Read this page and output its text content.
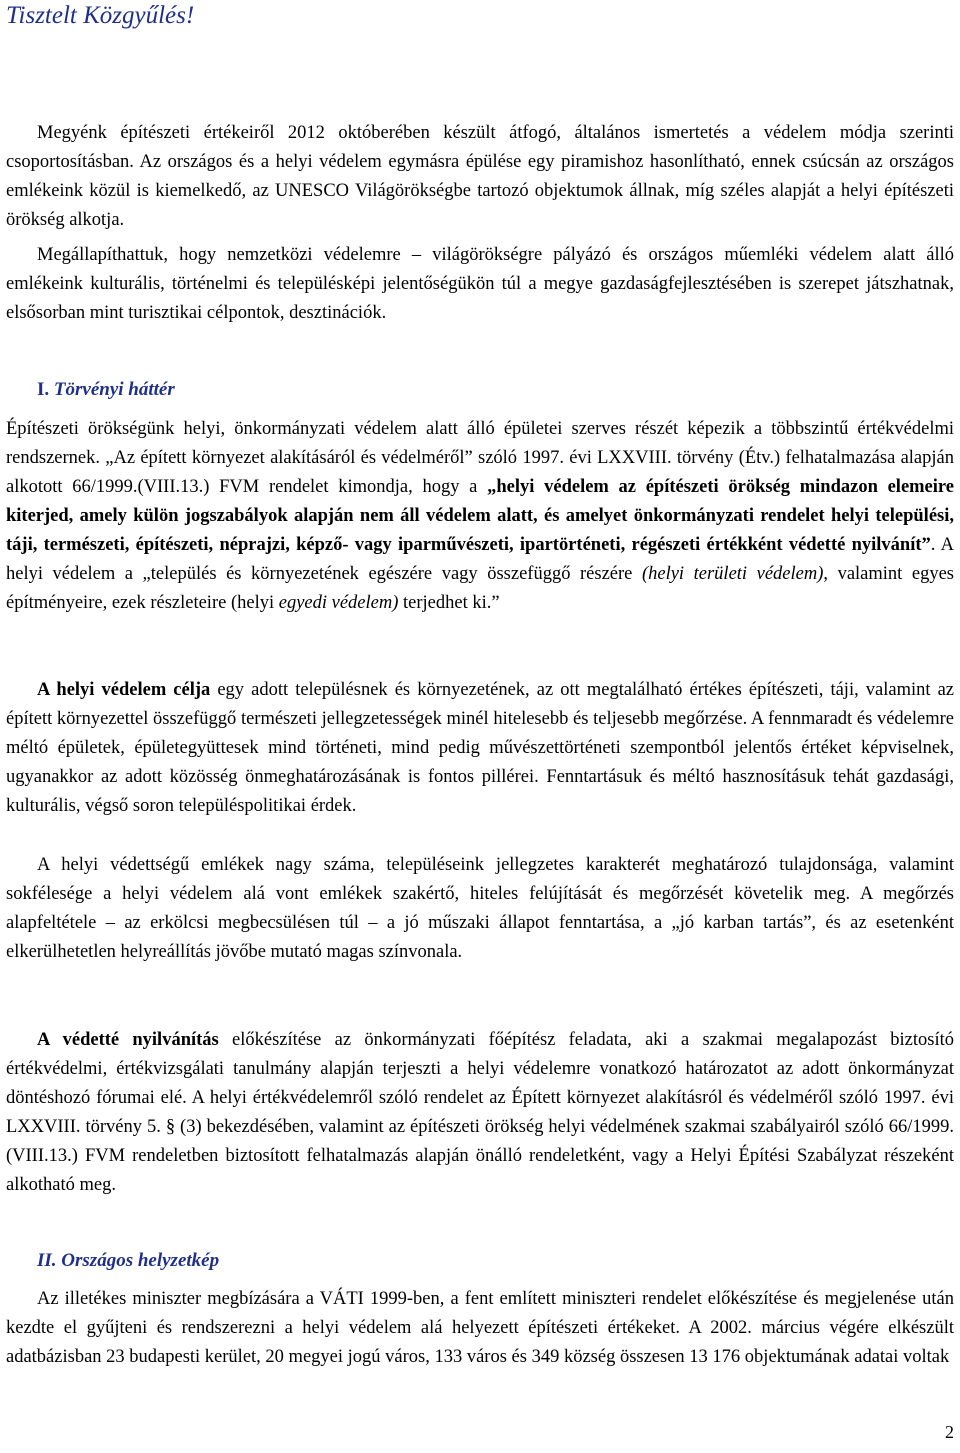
Tisztelt Közgyűlés!

Megyénk építészeti értékeiről 2012 októberében készült átfogó, általános ismertetés a védelem módja szerinti csoportosításban. Az országos és a helyi védelem egymásra épülése egy piramishoz hasonlítható, ennek csúcsán az országos emlékeink közül is kiemelkedő, az UNESCO Világörökségbe tartozó objektumok állnak, míg széles alapját a helyi építészeti örökség alkotja.

Megállapíthattuk, hogy nemzetközi védelemre – világörökségre pályázó és országos műemléki védelem alatt álló emlékeink kulturális, történelmi és településképi jelentőségükön túl a megye gazdaságfejlesztésében is szerepet játszhatnak, elsősorban mint turisztikai célpontok, desztinációk.

I. Törvényi háttér

Építészeti örökségünk helyi, önkormányzati védelem alatt álló épületei szerves részét képezik a többszintű értékvédelmi rendszernek. „Az épített környezet alakításáról és védelméről” szóló 1997. évi LXXVIII. törvény (Étv.) felhatalmazása alapján alkotott 66/1999.(VIII.13.) FVM rendelet kimondja, hogy a „helyi védelem az építészeti örökség mindazon elemeire kiterjed, amely külön jogszabályok alapján nem áll védelem alatt, és amelyet önkormányzati rendelet helyi települési, táji, természeti, építészeti, néprajzi, képző- vagy iparművészeti, ipartörténeti, régészeti értékként védetté nyilvánít”. A helyi védelem a „település és környezetének egészére vagy összefüggő részére (helyi területi védelem), valamint egyes építményeire, ezek részleteire (helyi egyedi védelem) terjedhet ki.”

A helyi védelem célja egy adott településnek és környezetének, az ott megtalálható értékes építészeti, táji, valamint az épített környezettel összefüggő természeti jellegzetességek minél hitelesebb és teljesebb megőrzése. A fennmaradt és védelemre méltó épületek, épületegyüttesek mind történeti, mind pedig művészettörténeti szempontból jelentős értéket képviselnek, ugyanakkor az adott közösség önmeghatározásának is fontos pillérei. Fenntartásuk és méltó hasznosításuk tehát gazdasági, kulturális, végső soron településpolitikai érdek.

A helyi védettségű emlékek nagy száma, településeink jellegzetes karakterét meghatározó tulajdonsága, valamint sokfélesége a helyi védelem alá vont emlékek szakértő, hiteles felújítását és megőrzését követelik meg. A megőrzés alapfeltétele – az erkölcsi megbecsülésen túl – a jó műszaki állapot fenntartása, a „jó karban tartás”, és az esetenként elkerülhetetlen helyreállítás jövőbe mutató magas színvonala.

A védetté nyilvánítás előkészítése az önkormányzati főépítész feladata, aki a szakmai megalapozást biztosító értékvédelmi, értékvizsgálati tanulmány alapján terjeszti a helyi védelemre vonatkozó határozatot az adott önkormányzat döntéshozó fórumai elé. A helyi értékvédelemről szóló rendelet az Épített környezet alakításról és védelméről szóló 1997. évi LXXVIII. törvény 5. § (3) bekezdésében, valamint az építészeti örökség helyi védelmének szakmai szabályairól szóló 66/1999.(VIII.13.) FVM rendeletben biztosított felhatalmazás alapján önálló rendeletként, vagy a Helyi Építési Szabályzat részeként alkotható meg.

II. Országos helyzetkép

Az illetékes miniszter megbízására a VÁTI 1999-ben, a fent említett miniszteri rendelet előkészítése és megjelenése után kezdte el gyűjteni és rendszerezni a helyi védelem alá helyezett építészeti értékeket. A 2002. március végére elkészült adatbázisban 23 budapesti kerület, 20 megyei jogú város, 133 város és 349 község összesen 13 176 objektumának adatai voltak

2
